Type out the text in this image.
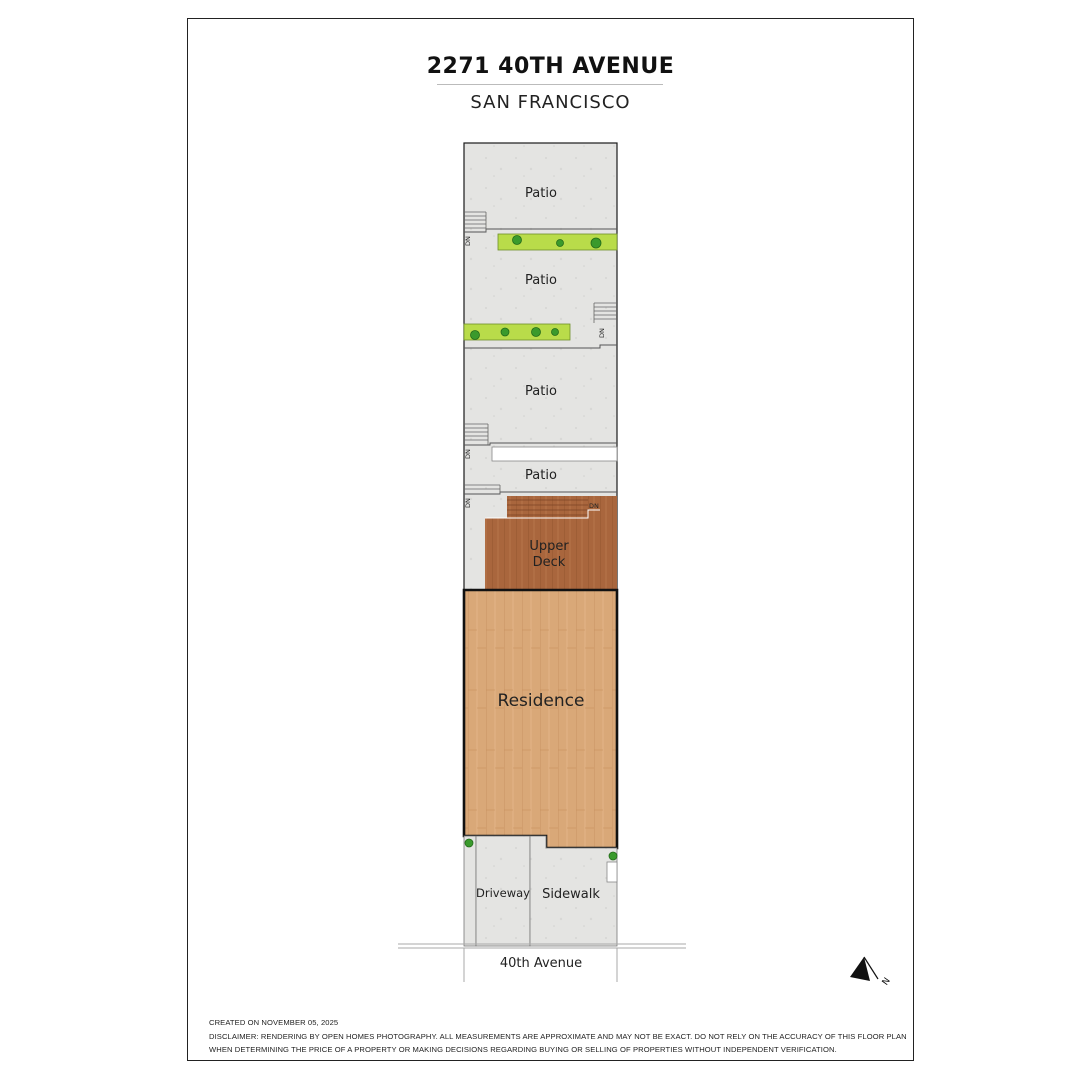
2271 40TH AVENUE
SAN FRANCISCO
Patio
Patio
Patio
Patio
Upper
Deck
Residence
Driveway Sidewalk
40th Avenue
DN
DN
DN
DN	DN
N
CREATED ON NOVEMBER 05, 2025
DISCLAIMER: RENDERING BY OPEN HOMES PHOTOGRAPHY. ALL MEASUREMENTS ARE APPROXIMATE AND MAY NOT BE EXACT. DO NOT RELY ON THE ACCURACY OF THIS FLOOR PLAN
WHEN DETERMINING THE PRICE OF A PROPERTY OR MAKING DECISIONS REGARDING BUYING OR SELLING OF PROPERTIES WITHOUT INDEPENDENT VERIFICATION.
